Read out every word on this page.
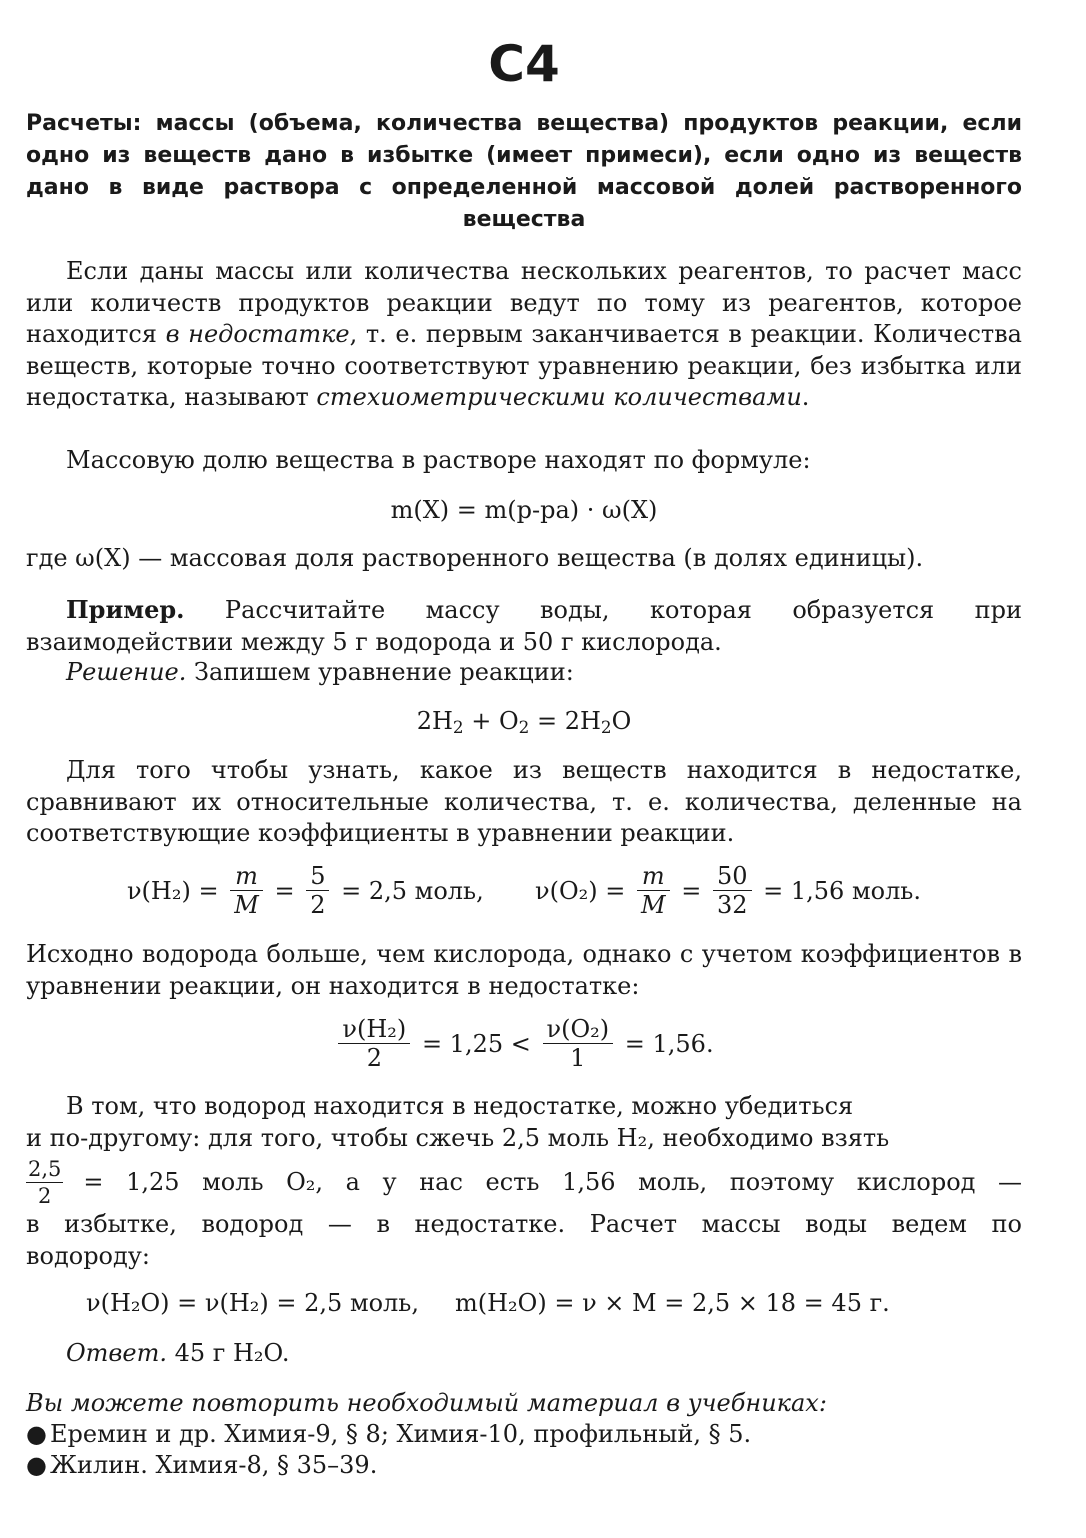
С4
Расчеты: массы (объема, количества вещества) продуктов реакции, если одно из веществ дано в избытке (имеет примеси), если одно из веществ дано в виде раствора с определенной массовой долей растворенного вещества
Если даны массы или количества нескольких реагентов, то расчет масс или количеств продуктов реакции ведут по тому из реагентов, которое находится в недостатке, т. е. первым заканчивается в реакции. Количества веществ, которые точно соответствуют уравнению реакции, без избытка или недостатка, называют стехиометрическими количествами.
Массовую долю вещества в растворе находят по формуле:
m(X) = m(р-ра) · ω(X)
где ω(X) — массовая доля растворенного вещества (в долях единицы).
Пример. Рассчитайте массу воды, которая образуется при взаимодействии между 5 г водорода и 50 г кислорода.
Решение. Запишем уравнение реакции:
$2H_2 + O_2 = 2H_2O$
Для того чтобы узнать, какое из веществ находится в недостатке, сравнивают их относительные количества, т. е. количества, деленные на соответствующие коэффициенты в уравнении реакции.
$\nu(H_2) = \frac{m}{M} = \frac{5}{2} = 2,5$ моль, $\nu(O_2) = \frac{m}{M} = \frac{50}{32} = 1,56$ моль.
Исходно водорода больше, чем кислорода, однако с учетом коэффициентов в уравнении реакции, он находится в недостатке:
$\frac{\text{ν(H₂)}}{2} = 1,25 < \frac{\text{ν(O₂)}}{1} = 1,56$.
В том, что водород находится в недостатке, можно убедиться
и по-другому: для того, чтобы сжечь 2,5 моль H₂, необходимо взять
$\frac{2,5}{2} = 1,25$ моль O₂, а у нас есть 1,56 моль, поэтому кислород —
в избытке, водород — в недостатке. Расчет массы воды ведем по
водороду:
ν(H₂O) = ν(H₂) = 2,5 моль, m(H₂O) = ν × M = 2,5 × 18 = 45 г.
Ответ. 45 г H₂O.
Вы можете повторить необходимый материал в учебниках:
● Еремин и др. Химия-9, § 8; Химия-10, профильный, § 5.
● Жилин. Химия-8, § 35–39.
